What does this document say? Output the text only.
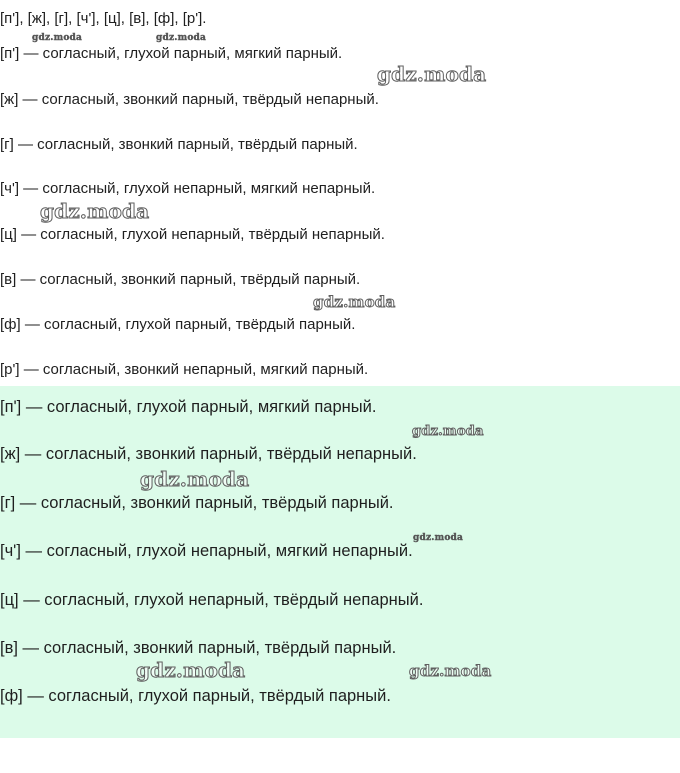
[п'], [ж], [г], [ч'], [ц], [в], [ф], [р'].
[п'] — согласный, глухой парный, мягкий парный.
[ж] — согласный, звонкий парный, твёрдый непарный.
[г] — согласный, звонкий парный, твёрдый парный.
[ч'] — согласный, глухой непарный, мягкий непарный.
[ц] — согласный, глухой непарный, твёрдый непарный.
[в] — согласный, звонкий парный, твёрдый парный.
[ф] — согласный, глухой парный, твёрдый парный.
[р'] — согласный, звонкий непарный, мягкий парный.
[п'] — согласный, глухой парный, мягкий парный.
[ж] — согласный, звонкий парный, твёрдый непарный.
[г] — согласный, звонкий парный, твёрдый парный.
[ч'] — согласный, глухой непарный, мягкий непарный.
[ц] — согласный, глухой непарный, твёрдый непарный.
[в] — согласный, звонкий парный, твёрдый парный.
[ф] — согласный, глухой парный, твёрдый парный.

gdz.moda	gdz.moda
gdz.moda
gdz.moda
gdz.moda
gdz.moda
gdz.moda
gdz.moda
gdz.moda	gdz.moda
